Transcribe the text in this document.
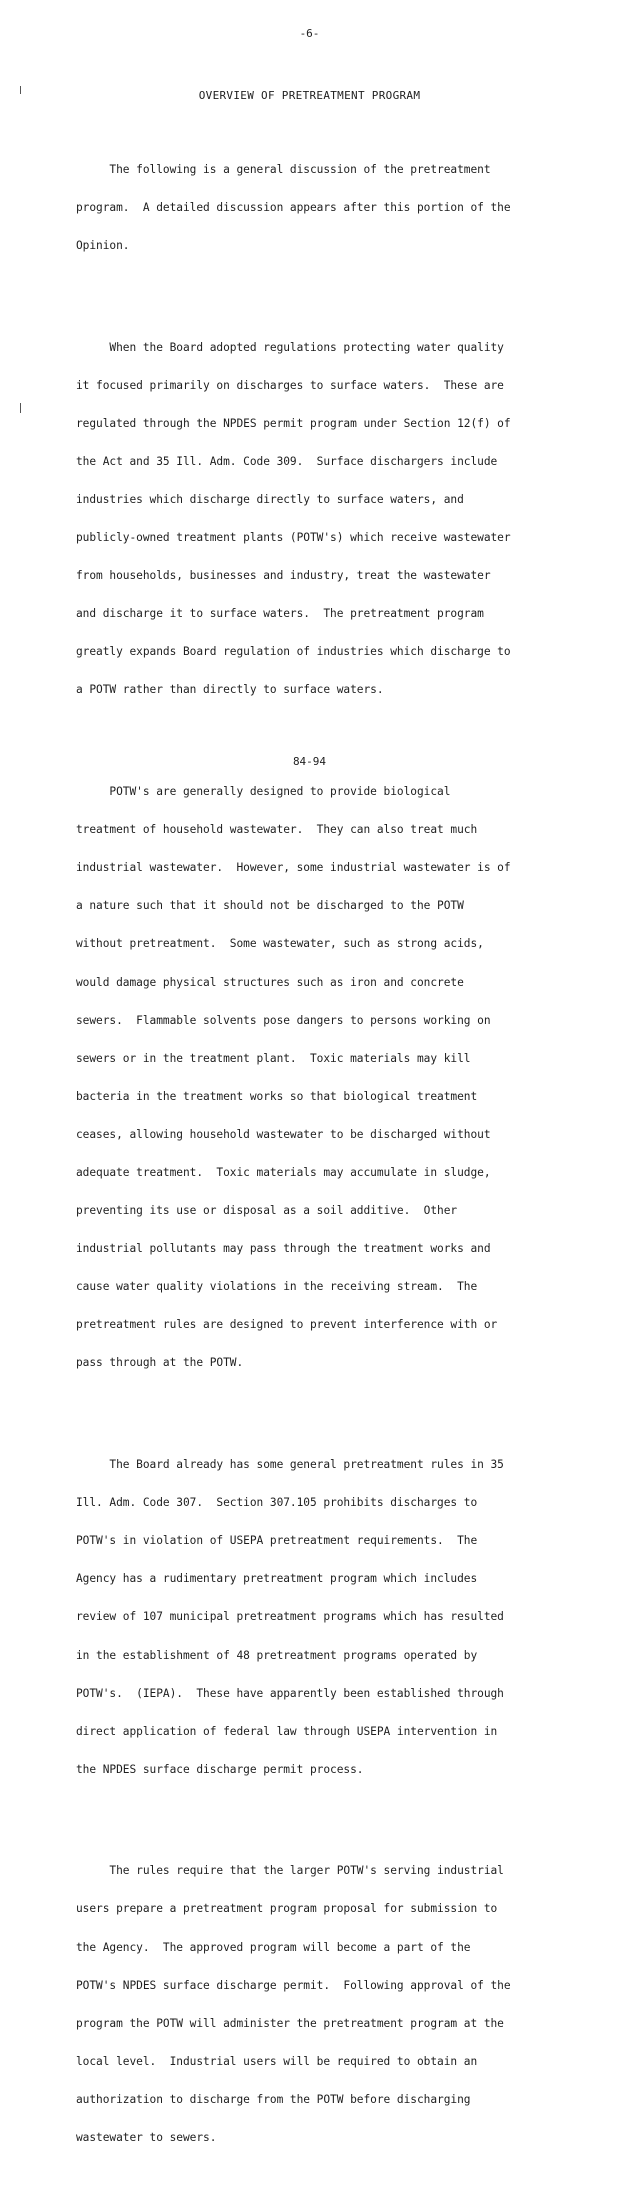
-6-
OVERVIEW OF PRETREATMENT PROGRAM

The following is a general discussion of the pretreatment

program.  A detailed discussion appears after this portion of the

Opinion.

When the Board adopted regulations protecting water quality

it focused primarily on discharges to surface waters.  These are

regulated through the NPDES permit program under Section 12(f) of

the Act and 35 Ill. Adm. Code 309.  Surface dischargers include

industries which discharge directly to surface waters, and

publicly-owned treatment plants (POTW's) which receive wastewater

from households, businesses and industry, treat the wastewater

and discharge it to surface waters.  The pretreatment program

greatly expands Board regulation of industries which discharge to

a POTW rather than directly to surface waters.

POTW's are generally designed to provide biological

treatment of household wastewater.  They can also treat much

industrial wastewater.  However, some industrial wastewater is of

a nature such that it should not be discharged to the POTW

without pretreatment.  Some wastewater, such as strong acids,

would damage physical structures such as iron and concrete

sewers.  Flammable solvents pose dangers to persons working on

sewers or in the treatment plant.  Toxic materials may kill

bacteria in the treatment works so that biological treatment

ceases, allowing household wastewater to be discharged without

adequate treatment.  Toxic materials may accumulate in sludge,

preventing its use or disposal as a soil additive.  Other

industrial pollutants may pass through the treatment works and

cause water quality violations in the receiving stream.  The

pretreatment rules are designed to prevent interference with or

pass through at the POTW.

The Board already has some general pretreatment rules in 35

Ill. Adm. Code 307.  Section 307.105 prohibits discharges to

POTW's in violation of USEPA pretreatment requirements.  The

Agency has a rudimentary pretreatment program which includes

review of 107 municipal pretreatment programs which has resulted

in the establishment of 48 pretreatment programs operated by

POTW's.  (IEPA).  These have apparently been established through

direct application of federal law through USEPA intervention in

the NPDES surface discharge permit process.

The rules require that the larger POTW's serving industrial

users prepare a pretreatment program proposal for submission to

the Agency.  The approved program will become a part of the

POTW's NPDES surface discharge permit.  Following approval of the

program the POTW will administer the pretreatment program at the

local level.  Industrial users will be required to obtain an

authorization to discharge from the POTW before discharging

wastewater to sewers.

84-94
